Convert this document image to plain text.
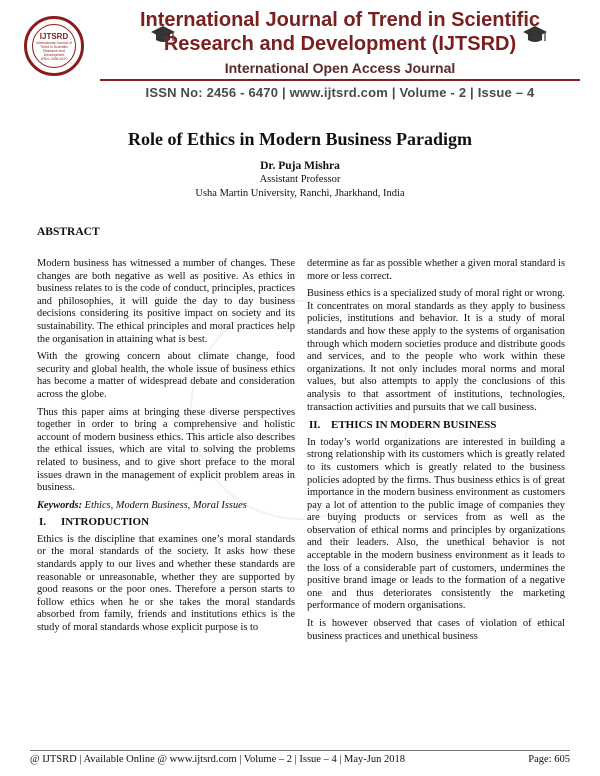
IJTSRD
International Journal of Trend in Scientific Research and Development
ISSN: 2456-6470
International Journal of Trend in Scientific
Research and Development (IJTSRD)
International Open Access Journal
ISSN No: 2456 - 6470 | www.ijtsrd.com | Volume - 2 | Issue – 4
Role of Ethics in Modern Business Paradigm
Dr. Puja Mishra
Assistant Professor
Usha Martin University, Ranchi, Jharkhand, India
ABSTRACT

Modern business has witnessed a number of changes. These changes are both negative as well as positive. As ethics in business relates to is the code of conduct, principles, practices and philosophies, it will guide the day to day business decisions considering its positive impact on society and its sustainability. The ethical principles and moral practices help the organisation in attaining what is best.

With the growing concern about climate change, food security and global health, the whole issue of business ethics has become a matter of widespread debate and consideration across the globe.

Thus this paper aims at bringing these diverse perspectives together in order to bring a comprehensive and holistic account of modern business ethics. This article also describes the ethical issues, which are vital to solving the problems related to business, and to give short preface to the moral issues drawn in the management of explicit problem areas in business.

Keywords: Ethics, Modern Business, Moral Issues
I. INTRODUCTION

Ethics is the discipline that examines one’s moral standards or the moral standards of the society. It asks how these standards apply to our lives and whether these standards are reasonable or unreasonable, whether they are supported by good reasons or the poor ones. Therefore a person starts to follow ethics when he or she takes the moral standards absorbed from family, friends and institutions ethics is the study of moral standards whose explicit purpose is to

determine as far as possible whether a given moral standard is more or less correct.

Business ethics is a specialized study of moral right or wrong. It concentrates on moral standards as they apply to business policies, institutions and behavior. It is a study of moral standards and how these apply to the systems of organisation through which modern societies produce and distribute goods and services, and to the people who work within these organizations. It not only includes moral norms and moral values, but also attempts to apply the conclusions of this analysis to that assortment of institutions, technologies, transaction activities and pursuits that we call business.

II. ETHICS IN MODERN BUSINESS

In today’s world organizations are interested in building a strong relationship with its customers which is greatly related to its customers which is greatly related to the business policies adopted by the firms. Thus business ethics is of great importance in the modern business environment as customers pay a lot of attention to the public image of companies they are buying products or services from as well as the observation of ethical norms and principles by organizations and their leaders. Also, the unethical behavior is not acceptable in the modern business environment as it leads to the loss of a considerable part of customers, undermines the positive brand image or leads to the formation of a negative one and thus deteriorates consistently the marketing performance of modern organisations.

It is however observed that cases of violation of ethical business practices and unethical business

@ IJTSRD | Available Online @ www.ijtsrd.com | Volume – 2 | Issue – 4 | May-Jun 2018	Page: 605
